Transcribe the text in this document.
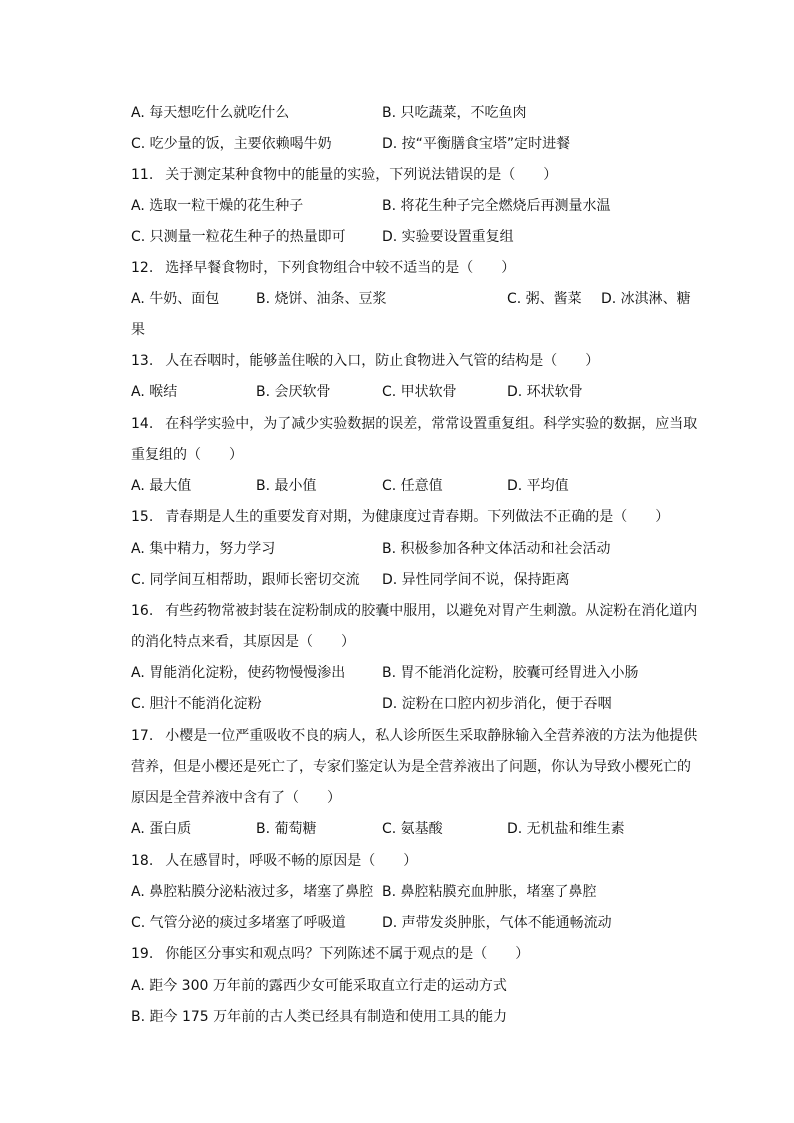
A. 每天想吃什么就吃什么	B. 只吃蔬菜，不吃鱼肉
C. 吃少量的饭，主要依赖喝牛奶	D. 按“平衡膳食宝塔”定时进餐
11. 关于测定某种食物中的能量的实验，下列说法错误的是（　　）
A. 选取一粒干燥的花生种子	B. 将花生种子完全燃烧后再测量水温
C. 只测量一粒花生种子的热量即可	D. 实验要设置重复组
12. 选择早餐食物时，下列食物组合中较不适当的是（　　）
A. 牛奶、面包	B. 烧饼、油条、豆浆	C. 粥、酱菜 D. 冰淇淋、糖
果
13. 人在吞咽时，能够盖住喉的入口，防止食物进入气管的结构是（　　）
A. 喉结	B. 会厌软骨	C. 甲状软骨	D. 环状软骨
14. 在科学实验中，为了减少实验数据的误差，常常设置重复组。科学实验的数据，应当取
重复组的（　　）
A. 最大值	B. 最小值	C. 任意值	D. 平均值
15. 青春期是人生的重要发育对期，为健康度过青春期。下列做法不正确的是（　　）
A. 集中精力，努力学习	B. 积极参加各种文体活动和社会活动
C. 同学间互相帮助，跟师长密切交流 D. 异性同学间不说，保持距离
16. 有些药物常被封装在淀粉制成的胶囊中服用，以避免对胃产生刺激。从淀粉在消化道内
的消化特点来看，其原因是（　　）
A. 胃能消化淀粉，使药物慢慢渗出	B. 胃不能消化淀粉，胶囊可经胃进入小肠
C. 胆汁不能消化淀粉	D. 淀粉在口腔内初步消化，便于吞咽
17. 小樱是一位严重吸收不良的病人，私人诊所医生采取静脉输入全营养液的方法为他提供
营养，但是小樱还是死亡了，专家们鉴定认为是全营养液出了问题，你认为导致小樱死亡的
原因是全营养液中含有了（　　）
A. 蛋白质	B. 葡萄糖	C. 氨基酸	D. 无机盐和维生素
18. 人在感冒时，呼吸不畅的原因是（　　）
A. 鼻腔粘膜分泌粘液过多，堵塞了鼻腔 B. 鼻腔粘膜充血肿胀，堵塞了鼻腔
C. 气管分泌的痰过多堵塞了呼吸道	D. 声带发炎肿胀，气体不能通畅流动
19. 你能区分事实和观点吗？下列陈述不属于观点的是（　　）
A. 距今 300 万年前的露西少女可能采取直立行走的运动方式
B. 距今 175 万年前的古人类已经具有制造和使用工具的能力
